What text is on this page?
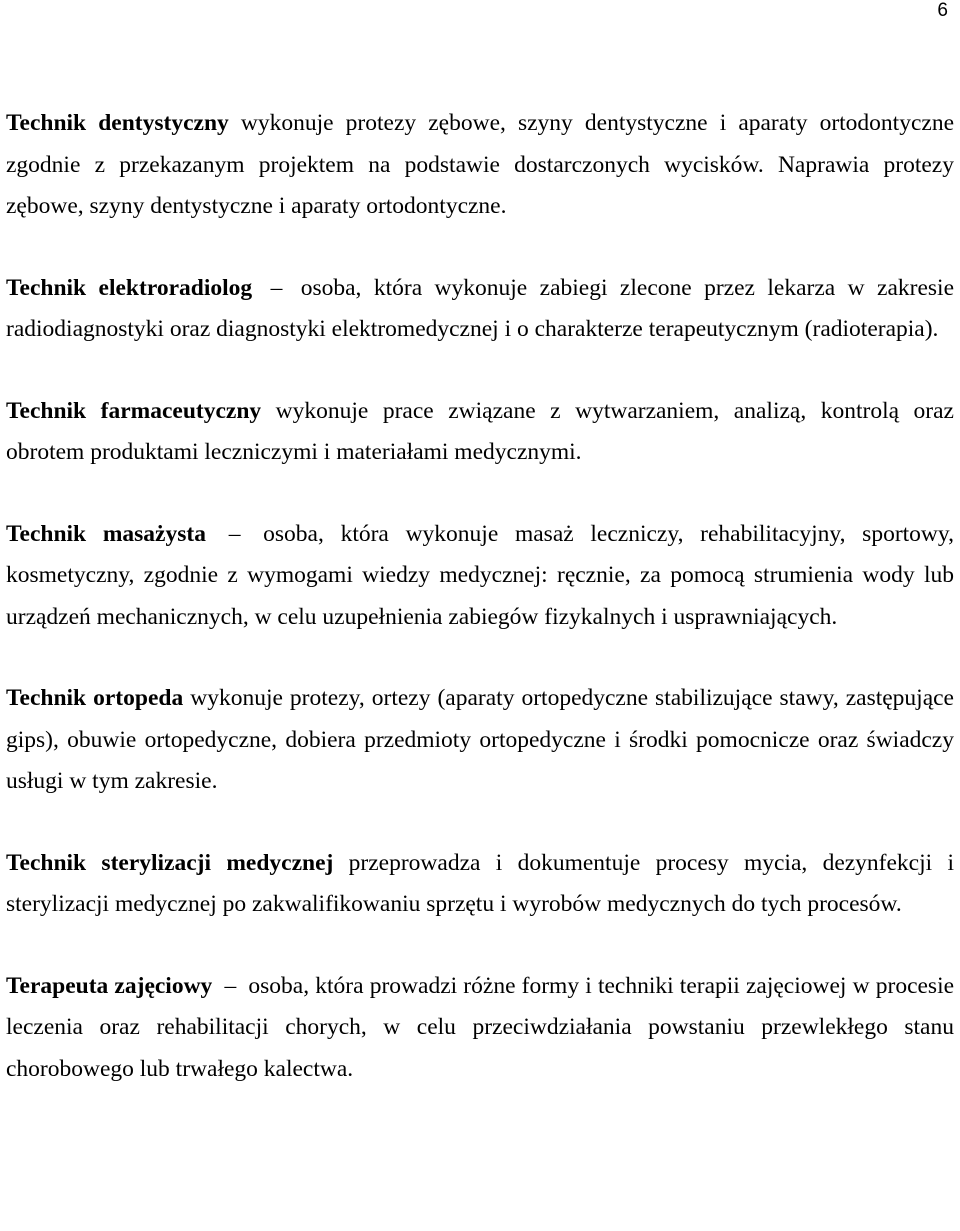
6

Technik dentystyczny wykonuje protezy zębowe, szyny dentystyczne i aparaty ortodontyczne zgodnie z przekazanym projektem na podstawie dostarczonych wycisków. Naprawia protezy zębowe, szyny dentystyczne i aparaty ortodontyczne.

Technik elektroradiolog – osoba, która wykonuje zabiegi zlecone przez lekarza w zakresie radiodiagnostyki oraz diagnostyki elektromedycznej i o charakterze terapeutycznym (radioterapia).

Technik farmaceutyczny wykonuje prace związane z wytwarzaniem, analizą, kontrolą oraz obrotem produktami leczniczymi i materiałami medycznymi.

Technik masażysta – osoba, która wykonuje masaż leczniczy, rehabilitacyjny, sportowy, kosmetyczny, zgodnie z wymogami wiedzy medycznej: ręcznie, za pomocą strumienia wody lub urządzeń mechanicznych, w celu uzupełnienia zabiegów fizykalnych i usprawniających.

Technik ortopeda wykonuje protezy, ortezy (aparaty ortopedyczne stabilizujące stawy, zastępujące gips), obuwie ortopedyczne, dobiera przedmioty ortopedyczne i środki pomocnicze oraz świadczy usługi w tym zakresie.

Technik sterylizacji medycznej przeprowadza i dokumentuje procesy mycia, dezynfekcji i sterylizacji medycznej po zakwalifikowaniu sprzętu i wyrobów medycznych do tych procesów.

Terapeuta zajęciowy – osoba, która prowadzi różne formy i techniki terapii zajęciowej w procesie leczenia oraz rehabilitacji chorych, w celu przeciwdziałania powstaniu przewlekłego stanu chorobowego lub trwałego kalectwa.
